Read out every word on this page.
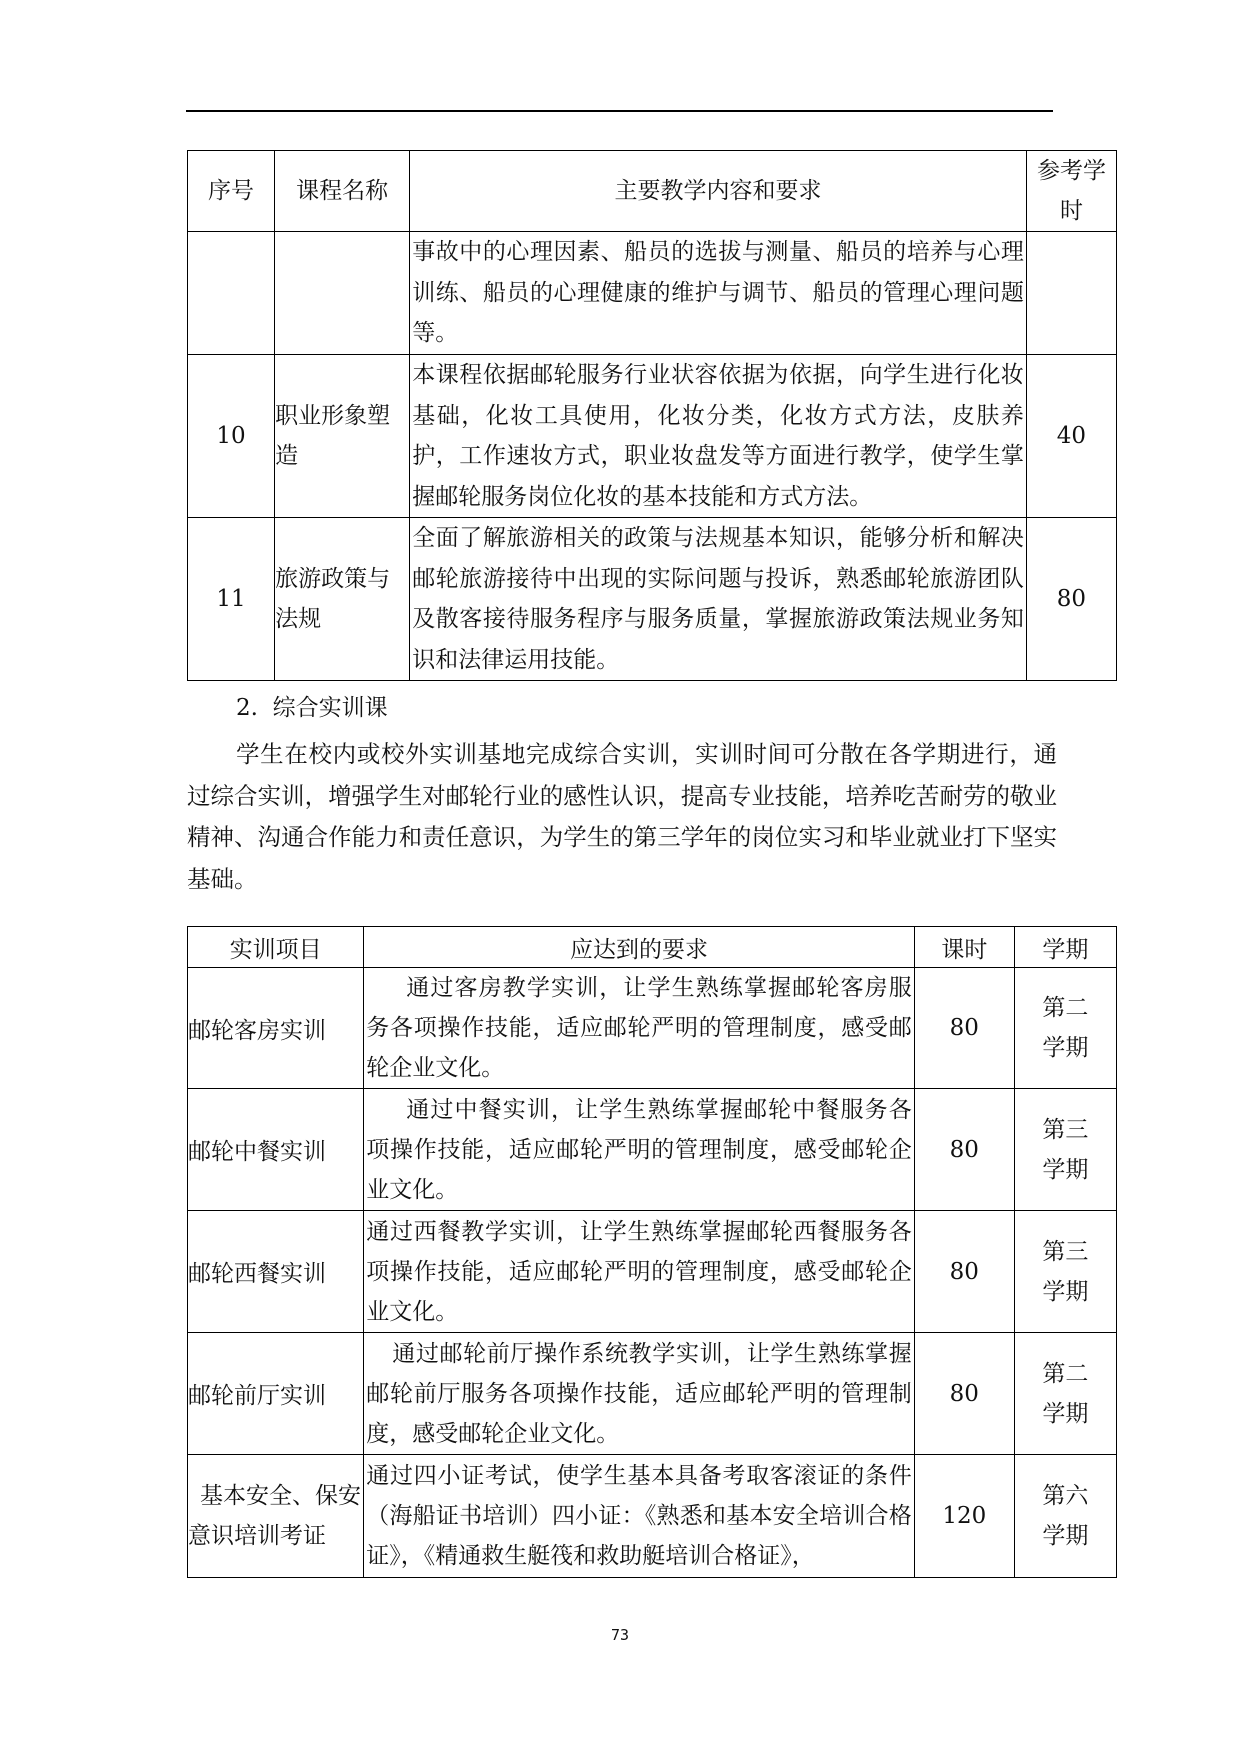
序号	课程名称	主要教学内容和要求	参考学时
		事故中的心理因素、船员的选拔与测量、船员的培养与心理训练、船员的心理健康的维护与调节、船员的管理心理问题等。	
10	职业形象塑造	本课程依据邮轮服务行业状容依据为依据，向学生进行化妆基础，化妆工具使用，化妆分类，化妆方式方法，皮肤养护，工作速妆方式，职业妆盘发等方面进行教学，使学生掌握邮轮服务岗位化妆的基本技能和方式方法。	40
11	旅游政策与法规	全面了解旅游相关的政策与法规基本知识，能够分析和解决邮轮旅游接待中出现的实际问题与投诉，熟悉邮轮旅游团队及散客接待服务程序与服务质量，掌握旅游政策法规业务知识和法律运用技能。	80
2.  综合实训课
学生在校内或校外实训基地完成综合实训，实训时间可分散在各学期进行，通过综合实训，增强学生对邮轮行业的感性认识，提高专业技能，培养吃苦耐劳的敬业精神、沟通合作能力和责任意识，为学生的第三学年的岗位实习和毕业就业打下坚实基础。
实训项目	应达到的要求	课时	学期
邮轮客房实训	通过客房教学实训，让学生熟练掌握邮轮客房服务各项操作技能，适应邮轮严明的管理制度，感受邮轮企业文化。	80	第二学期
邮轮中餐实训	通过中餐实训，让学生熟练掌握邮轮中餐服务各项操作技能，适应邮轮严明的管理制度，感受邮轮企业文化。	80	第三学期
邮轮西餐实训	通过西餐教学实训，让学生熟练掌握邮轮西餐服务各项操作技能，适应邮轮严明的管理制度，感受邮轮企业文化。	80	第三学期
邮轮前厅实训	通过邮轮前厅操作系统教学实训，让学生熟练掌握邮轮前厅服务各项操作技能，适应邮轮严明的管理制度，感受邮轮企业文化。	80	第二学期
基本安全、保安意识培训考证	通过四小证考试，使学生基本具备考取客滚证的条件（海船证书培训）四小证：《熟悉和基本安全培训合格证》，《精通救生艇筏和救助艇培训合格证》，	120	第六学期
73
